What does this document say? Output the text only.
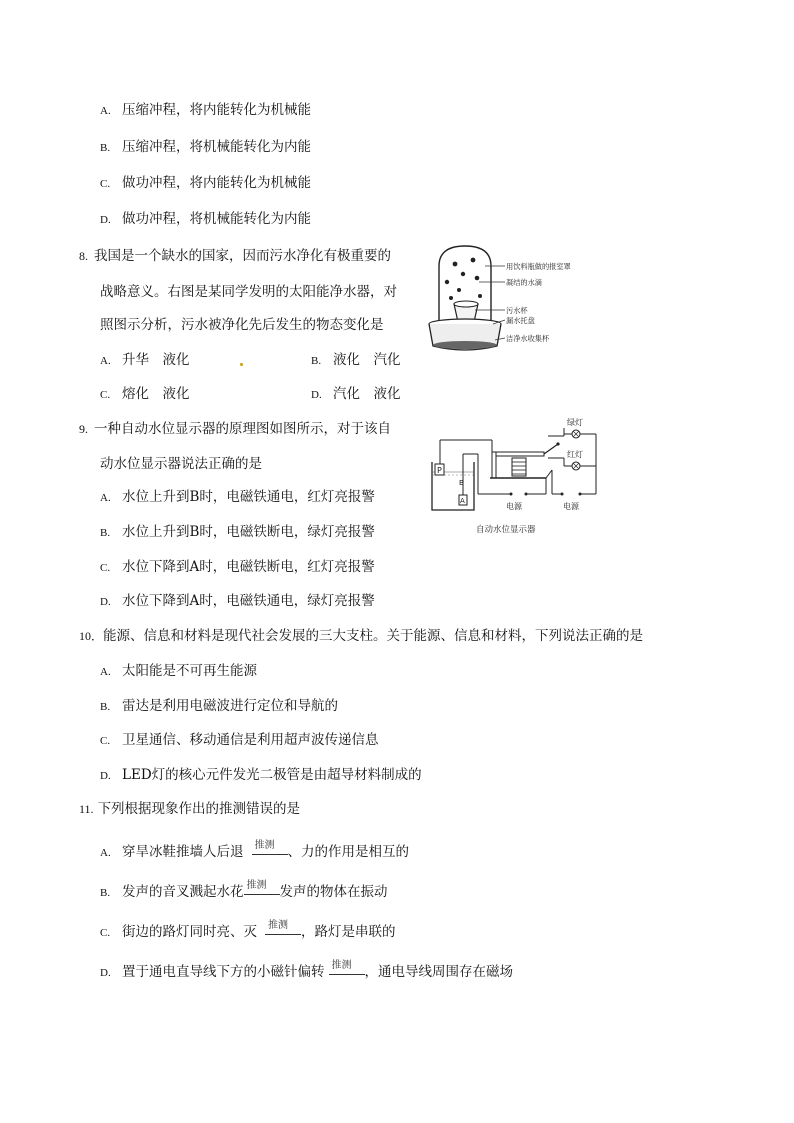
A. 压缩冲程，将内能转化为机械能
B. 压缩冲程，将机械能转化为内能
C. 做功冲程，将内能转化为机械能
D. 做功冲程，将机械能转化为内能
8. 我国是一个缺水的国家，因而污水净化有极重要的
战略意义。右图是某同学发明的太阳能净水器，对
照图示分析，污水被净化先后发生的物态变化是
A. 升华　液化	B. 液化　汽化
C. 熔化　液化	D. 汽化　液化
用饮料瓶做的报室罩
凝结的水滴
污水杯
漏水托盘
洁净水收集杯
9. 一种自动水位显示器的原理图如图所示，对于该自
动水位显示器说法正确的是
A. 水位上升到B时，电磁铁通电，红灯亮报警
B. 水位上升到B时，电磁铁断电，绿灯亮报警
C. 水位下降到A时，电磁铁断电，红灯亮报警
D. 水位下降到A时，电磁铁通电，绿灯亮报警
P
B
A
绿灯
红灯
电源	电源
自动水位显示器
10．能源、信息和材料是现代社会发展的三大支柱。关于能源、信息和材料，下列说法正确的是
A. 太阳能是不可再生能源
B. 雷达是利用电磁波进行定位和导航的
C. 卫星通信、移动通信是利用超声波传递信息
D. LED灯的核心元件发光二极管是由超导材料制成的
11. 下列根据现象作出的推测错误的是
A. 穿旱冰鞋推墙人后退 推测 、力的作用是相互的
B. 发声的音叉溅起水花 推测 发声的物体在振动
C. 街边的路灯同时亮、灭 推测 ，路灯是串联的
D. 置于通电直导线下方的小磁针偏转 推测 ，通电导线周围存在磁场
